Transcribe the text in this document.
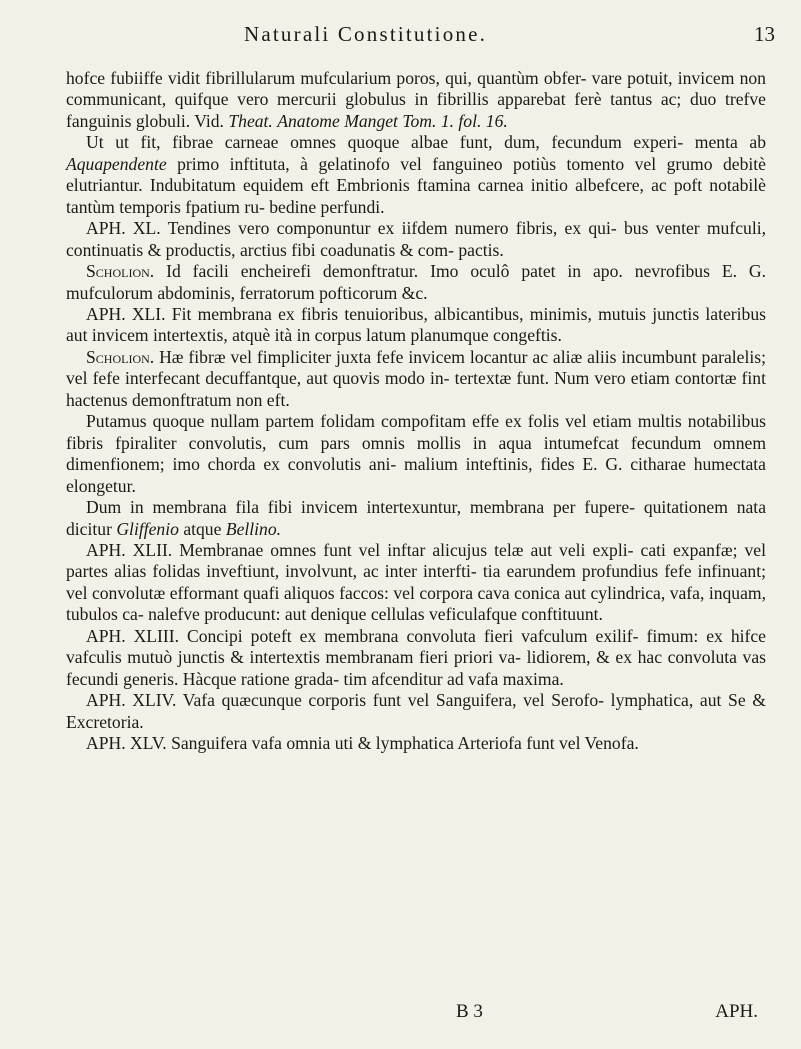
Naturali Constitutione.	13

hofce fubiiffe vidit fibrillularum mufcularium poros, qui, quantùm obfer- vare potuit, invicem non communicant, quifque vero mercurii globulus in fibrillis apparebat ferè tantus ac; duo trefve fanguinis globuli. Vid. Theat. Anatome Manget Tom. 1. fol. 16.

Ut ut fit, fibrae carneae omnes quoque albae funt, dum, fecundum experi- menta ab Aquapendente primo inftituta, à gelatinofo vel fanguineo potiùs tomento vel grumo debitè elutriantur. Indubitatum equidem eft Embrionis ftamina carnea initio albefcere, ac poft notabilè tantùm temporis fpatium ru- bedine perfundi.

APH. XL. Tendines vero componuntur ex iifdem numero fibris, ex qui- bus venter mufculi, continuatis & productis, arctius fibi coadunatis & com- pactis.

Scholion. Id facili encheirefi demonftratur. Imo oculô patet in apo. nevrofibus E. G. mufculorum abdominis, ferratorum pofticorum &c.

APH. XLI. Fit membrana ex fibris tenuioribus, albicantibus, minimis, mutuis junctis lateribus aut invicem intertextis, atquè ità in corpus latum planumque congeftis.

Scholion. Hæ fibræ vel fimpliciter juxta fefe invicem locantur ac aliæ aliis incumbunt paralelis; vel fefe interfecant decuffantque, aut quovis modo in- tertextæ funt. Num vero etiam contortæ fint hactenus demonftratum non eft.

Putamus quoque nullam partem folidam compofitam effe ex folis vel etiam multis notabilibus fibris fpiraliter convolutis, cum pars omnis mollis in aqua intumefcat fecundum omnem dimenfionem; imo chorda ex convolutis ani- malium inteftinis, fides E. G. citharae humectata elongetur.

Dum in membrana fila fibi invicem intertexuntur, membrana per fupere- quitationem nata dicitur Gliffenio atque Bellino.

APH. XLII. Membranae omnes funt vel inftar alicujus telæ aut veli expli- cati expanfæ; vel partes alias folidas inveftiunt, involvunt, ac inter interfti- tia earundem profundius fefe infinuant; vel convolutæ efformant quafi aliquos faccos: vel corpora cava conica aut cylindrica, vafa, inquam, tubulos ca- nalefve producunt: aut denique cellulas veficulafque conftituunt.

APH. XLIII. Concipi poteft ex membrana convoluta fieri vafculum exilif- fimum: ex hifce vafculis mutuò junctis & intertextis membranam fieri priori va- lidiorem, & ex hac convoluta vas fecundi generis. Hàcque ratione grada- tim afcenditur ad vafa maxima.

APH. XLIV. Vafa quæcunque corporis funt vel Sanguifera, vel Serofo- lymphatica, aut Se & Excretoria.

APH. XLV. Sanguifera vafa omnia uti & lymphatica Arteriofa funt vel Venofa.

B 3	APH.
